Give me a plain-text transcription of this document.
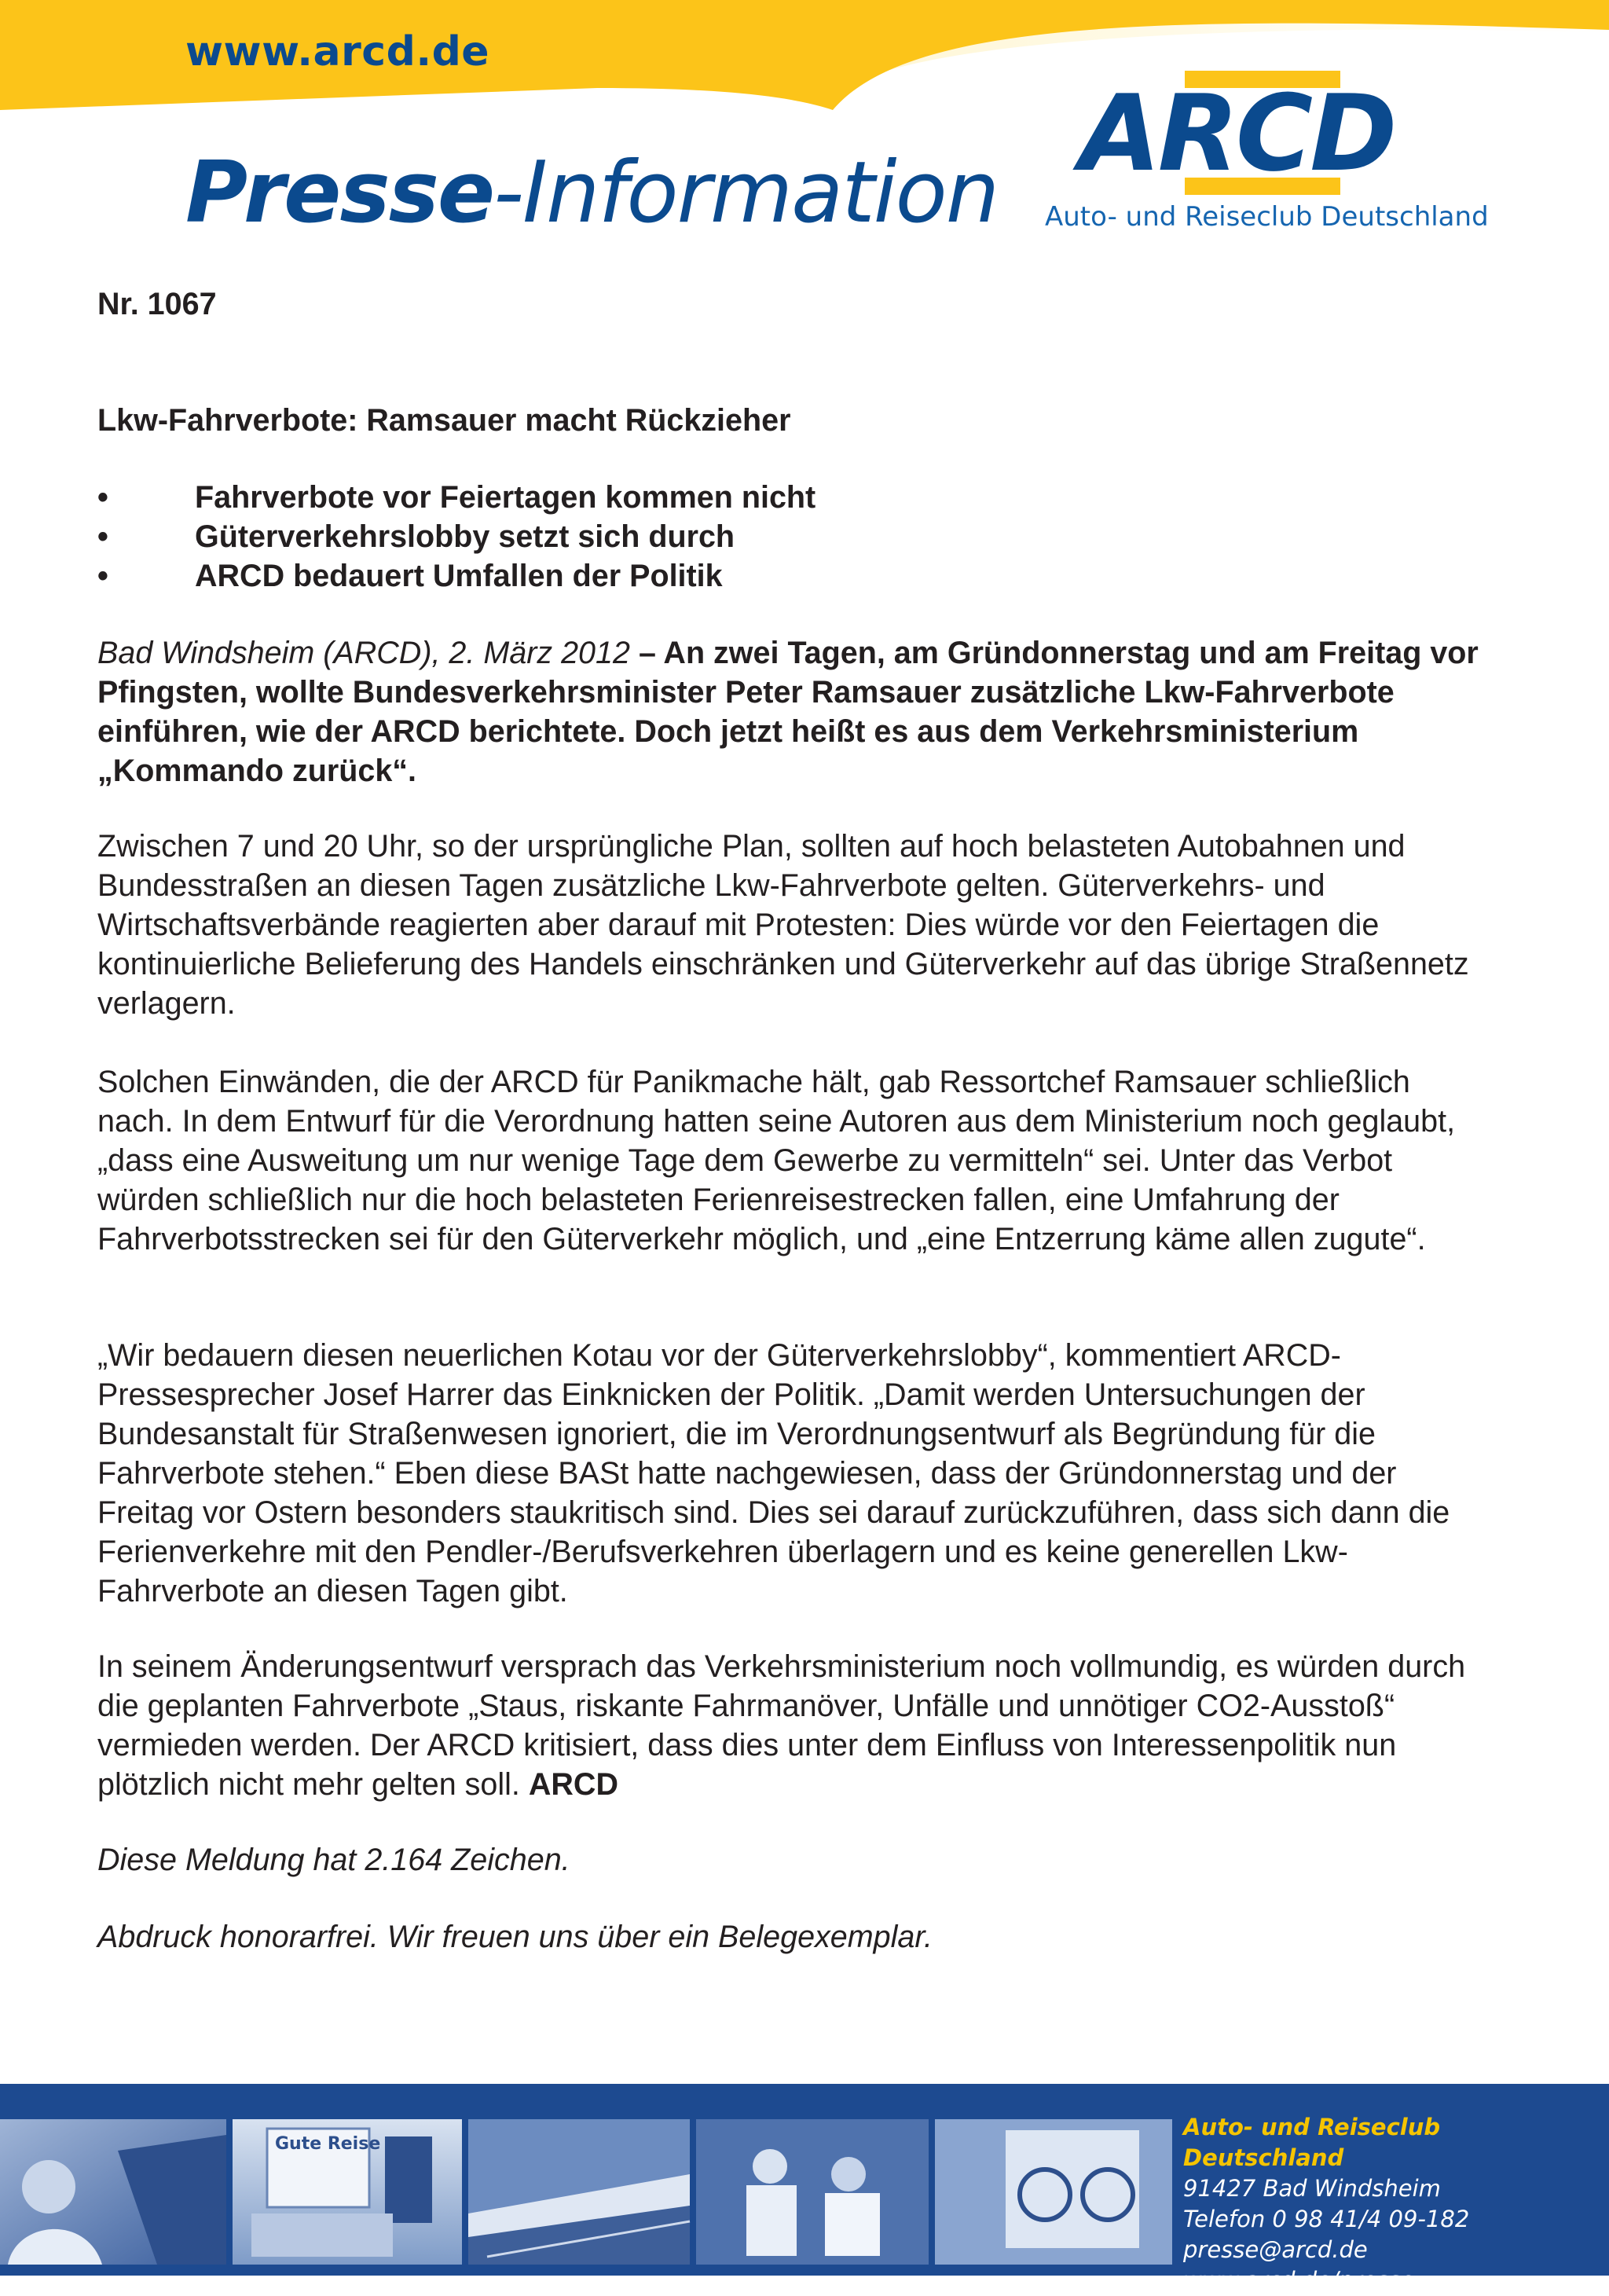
www.arcd.de
Presse-Information ARCD
Auto- und Reiseclub Deutschland

Nr. 1067

Lkw-Fahrverbote: Ramsauer macht Rückzieher

•	Fahrverbote vor Feiertagen kommen nicht
•	Güterverkehrslobby setzt sich durch
•	ARCD bedauert Umfallen der Politik

Bad Windsheim (ARCD), 2. März 2012 – An zwei Tagen, am Gründonnerstag und am Freitag vor Pfingsten, wollte Bundesverkehrsminister Peter Ramsauer zusätzliche Lkw-Fahrverbote einführen, wie der ARCD berichtete. Doch jetzt heißt es aus dem Verkehrsministerium „Kommando zurück“.

Zwischen 7 und 20 Uhr, so der ursprüngliche Plan, sollten auf hoch belasteten Autobahnen und Bundesstraßen an diesen Tagen zusätzliche Lkw-Fahrverbote gelten. Güterverkehrs- und Wirtschaftsverbände reagierten aber darauf mit Protesten: Dies würde vor den Feiertagen die kontinuierliche Belieferung des Handels einschränken und Güterverkehr auf das übrige Straßennetz verlagern.

Solchen Einwänden, die der ARCD für Panikmache hält, gab Ressortchef Ramsauer schließlich nach. In dem Entwurf für die Verordnung hatten seine Autoren aus dem Ministerium noch geglaubt, „dass eine Ausweitung um nur wenige Tage dem Gewerbe zu vermitteln“ sei. Unter das Verbot würden schließlich nur die hoch belasteten Ferienreisestrecken fallen, eine Umfahrung der Fahrverbotsstrecken sei für den Güterverkehr möglich, und „eine Entzerrung käme allen zugute“.

„Wir bedauern diesen neuerlichen Kotau vor der Güterverkehrslobby“, kommentiert ARCD-Pressesprecher Josef Harrer das Einknicken der Politik. „Damit werden Untersuchungen der Bundesanstalt für Straßenwesen ignoriert, die im Verordnungsentwurf als Begründung für die Fahrverbote stehen.“ Eben diese BASt hatte nachgewiesen, dass der Gründonnerstag und der Freitag vor Ostern besonders staukritisch sind. Dies sei darauf zurückzuführen, dass sich dann die Ferienverkehre mit den Pendler-/Berufsverkehren überlagern und es keine generellen Lkw-Fahrverbote an diesen Tagen gibt.

In seinem Änderungsentwurf versprach das Verkehrsministerium noch vollmundig, es würden durch die geplanten Fahrverbote „Staus, riskante Fahrmanöver, Unfälle und unnötiger CO2-Ausstoß“ vermieden werden. Der ARCD kritisiert, dass dies unter dem Einfluss von Interessenpolitik nun plötzlich nicht mehr gelten soll. ARCD

Diese Meldung hat 2.164 Zeichen.

Abdruck honorarfrei. Wir freuen uns über ein Belegexemplar.

Gute Reise
Auto- und Reiseclub Deutschland
91427 Bad Windsheim
Telefon 0 98 41/4 09-182
presse@arcd.de
www.arcd.de/presse
